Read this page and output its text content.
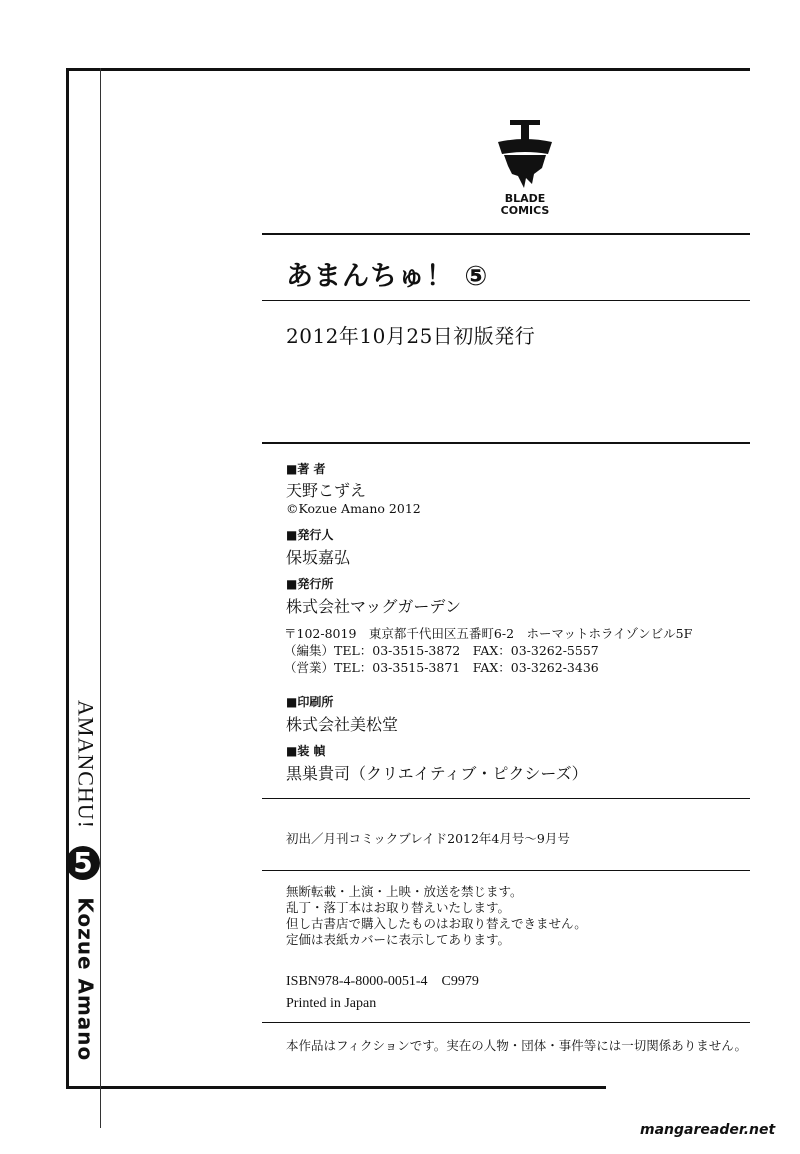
BLADE
COMICS
あまんちゅ！ ⑤
2012年10月25日初版発行
■著 者
天野こずえ
©Kozue Amano 2012
■発行人
保坂嘉弘
■発行所
株式会社マッグガーデン
〒102-8019　東京都千代田区五番町6-2　ホーマットホライゾンビル5F
（編集）TEL：03-3515-3872　FAX：03-3262-5557
（営業）TEL：03-3515-3871　FAX：03-3262-3436
■印刷所
株式会社美松堂
■装 幀
黒巣貴司（クリエイティブ・ピクシーズ）
初出／月刊コミックブレイド2012年4月号〜9月号
無断転載・上演・上映・放送を禁じます。
乱丁・落丁本はお取り替えいたします。
但し古書店で購入したものはお取り替えできません。
定価は表紙カバーに表示してあります。
ISBN978-4-8000-0051-4　C9979
Printed in Japan
本作品はフィクションです。実在の人物・団体・事件等には一切関係ありません。
AMANCHU! 5 Kozue Amano
mangareader.net
